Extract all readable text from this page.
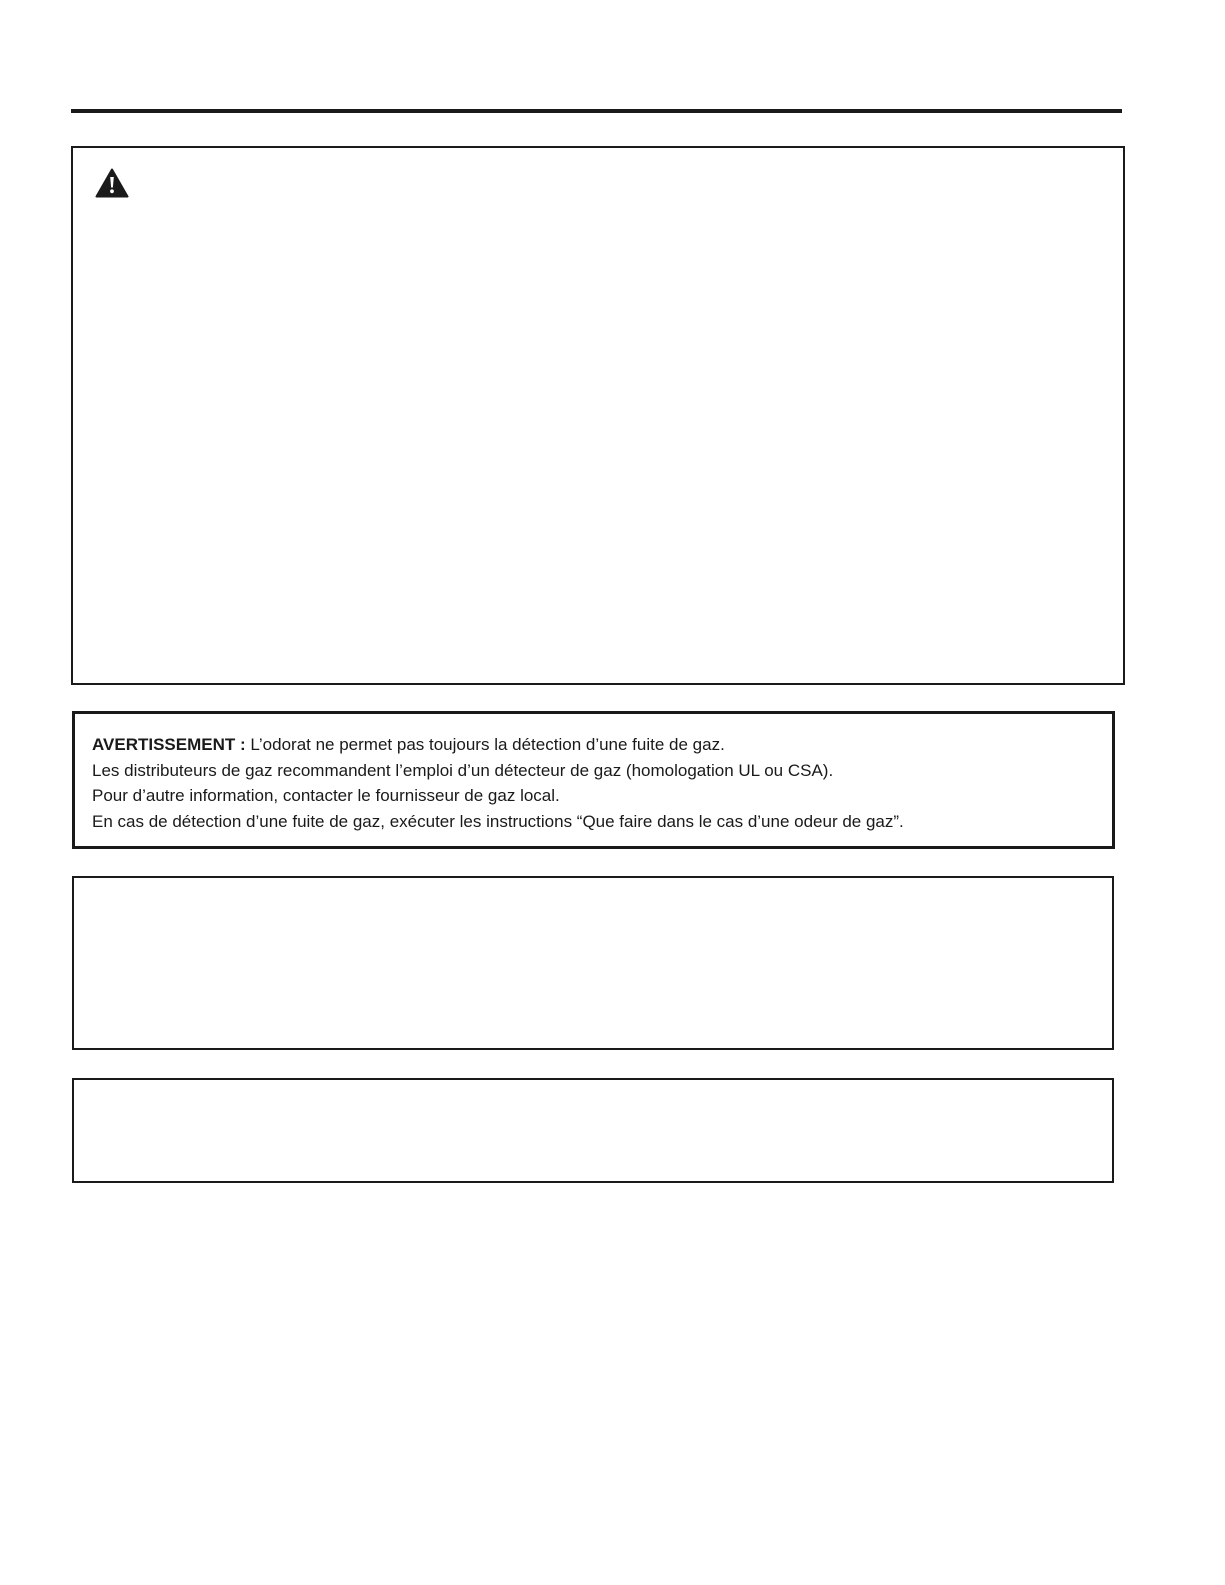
AVERTISSEMENT : L’odorat ne permet pas toujours la détection d’une fuite de gaz.

Les distributeurs de gaz recommandent l’emploi d’un détecteur de gaz (homologation UL ou CSA).

Pour d’autre information, contacter le fournisseur de gaz local.

En cas de détection d’une fuite de gaz, exécuter les instructions “Que faire dans le cas d’une odeur de gaz”.
